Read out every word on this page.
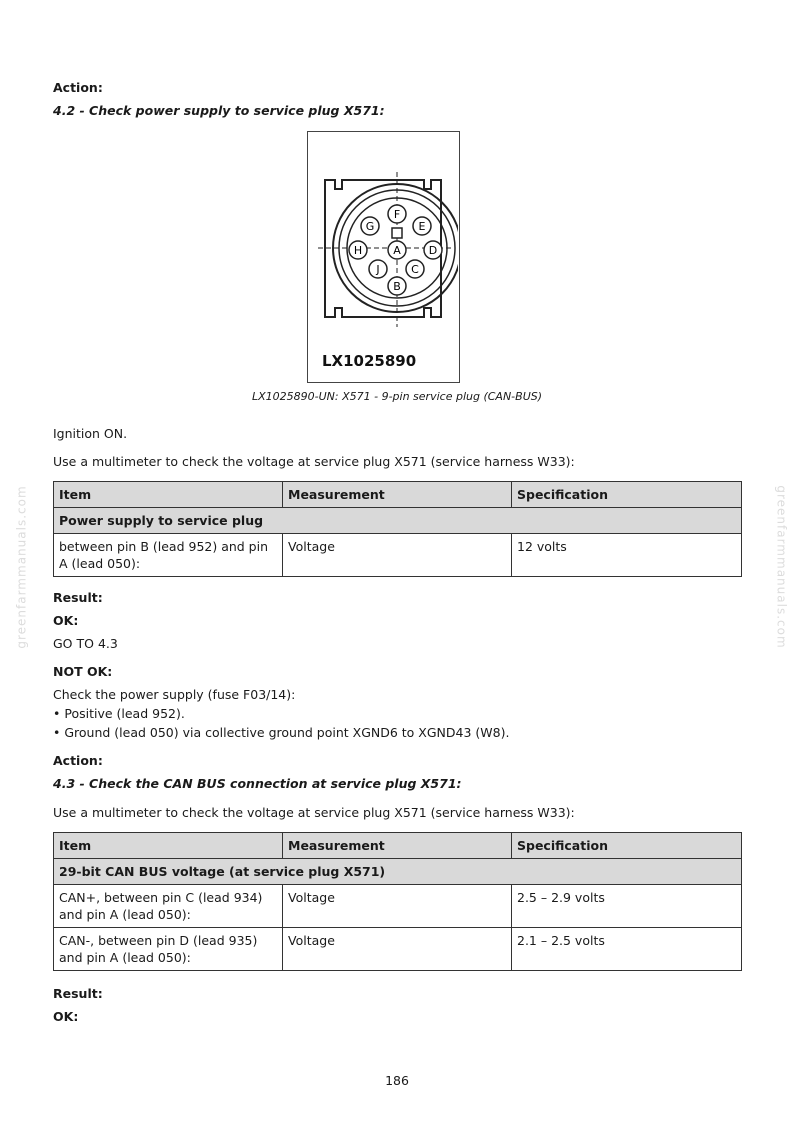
greenfarmmanuals.com	greenfarmmanuals.com
Action:
4.2 - Check power supply to service plug X571:
F
G	E
H	A	D
J	C
B
LX1025890
LX1025890-UN: X571 - 9-pin service plug (CAN-BUS)
Ignition ON.
Use a multimeter to check the voltage at service plug X571 (service harness W33):
Item	Measurement	Specification
Power supply to service plug		
between pin B (lead 952) and pin A (lead 050):	Voltage	12 volts
Result:
OK:
GO TO 4.3
NOT OK:
Check the power supply (fuse F03/14):
• Positive (lead 952).
• Ground (lead 050) via collective ground point XGND6 to XGND43 (W8).
Action:
4.3 - Check the CAN BUS connection at service plug X571:
Use a multimeter to check the voltage at service plug X571 (service harness W33):
Item	Measurement	Specification
29-bit CAN BUS voltage (at service plug X571)		
CAN+, between pin C (lead 934) and pin A (lead 050):	Voltage	2.5 – 2.9 volts
CAN-, between pin D (lead 935) and pin A (lead 050):	Voltage	2.1 – 2.5 volts
Result:
OK:
186
